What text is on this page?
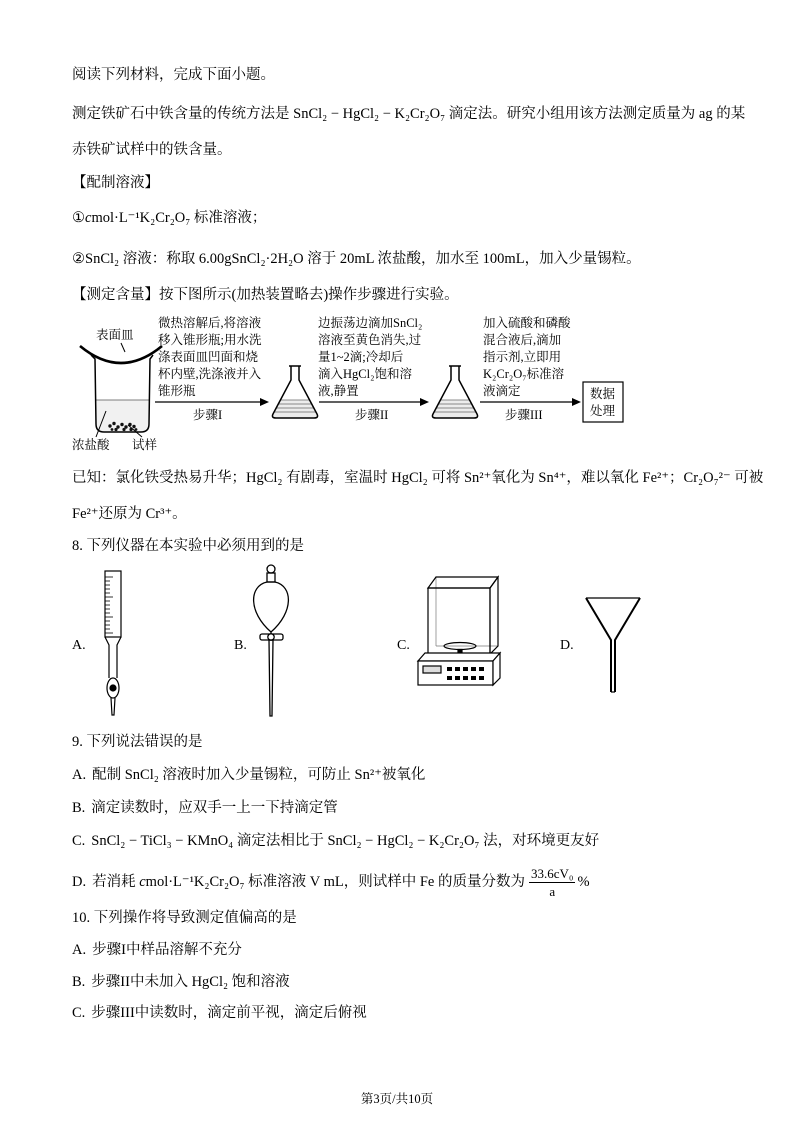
阅读下列材料，完成下面小题。
测定铁矿石中铁含量的传统方法是 SnCl₂ − HgCl₂ − K₂Cr₂O₇ 滴定法。研究小组用该方法测定质量为 ag 的某
赤铁矿试样中的铁含量。
【配制溶液】
①cmol·L⁻¹K₂Cr₂O₇ 标准溶液；
②SnCl₂ 溶液：称取 6.00gSnCl₂·2H₂O 溶于 20mL 浓盐酸，加水至 100mL，加入少量锡粒。
【测定含量】按下图所示(加热装置略去)操作步骤进行实验。
表面皿
浓盐酸 试样
微热溶解后,将溶液
移入锥形瓶;用水洗
涤表面皿凹面和烧
杯内壁,洗涤液并入
锥形瓶
步骤I
边振荡边滴加SnCl₂
溶液至黄色消失,过
量1~2滴;冷却后
滴入HgCl₂饱和溶
液,静置
步骤II
加入硫酸和磷酸
混合液后,滴加
指示剂,立即用
K₂Cr₂O₇标准溶
液滴定
步骤III
数据
处理
已知：氯化铁受热易升华；HgCl₂ 有剧毒，室温时 HgCl₂ 可将 Sn²⁺氧化为 Sn⁴⁺，难以氧化 Fe²⁺；Cr₂O₇²⁻ 可被
Fe²⁺还原为 Cr³⁺。
8. 下列仪器在本实验中必须用到的是
A.	B.	C.	D.
9. 下列说法错误的是
A. 配制 SnCl₂ 溶液时加入少量锡粒，可防止 Sn²⁺被氧化
B. 滴定读数时，应双手一上一下持滴定管
C. SnCl₂ − TiCl₃ − KMnO₄ 滴定法相比于 SnCl₂ − HgCl₂ − K₂Cr₂O₇ 法，对环境更友好
D. 若消耗 cmol·L⁻¹K₂Cr₂O₇ 标准溶液 V mL，则试样中 Fe 的质量分数为 $\frac{\text{33.6cV₀}}{a}$ %
10. 下列操作将导致测定值偏高的是
A. 步骤I中样品溶解不充分
B. 步骤II中未加入 HgCl₂ 饱和溶液
C. 步骤III中读数时，滴定前平视，滴定后俯视
第3页/共10页
